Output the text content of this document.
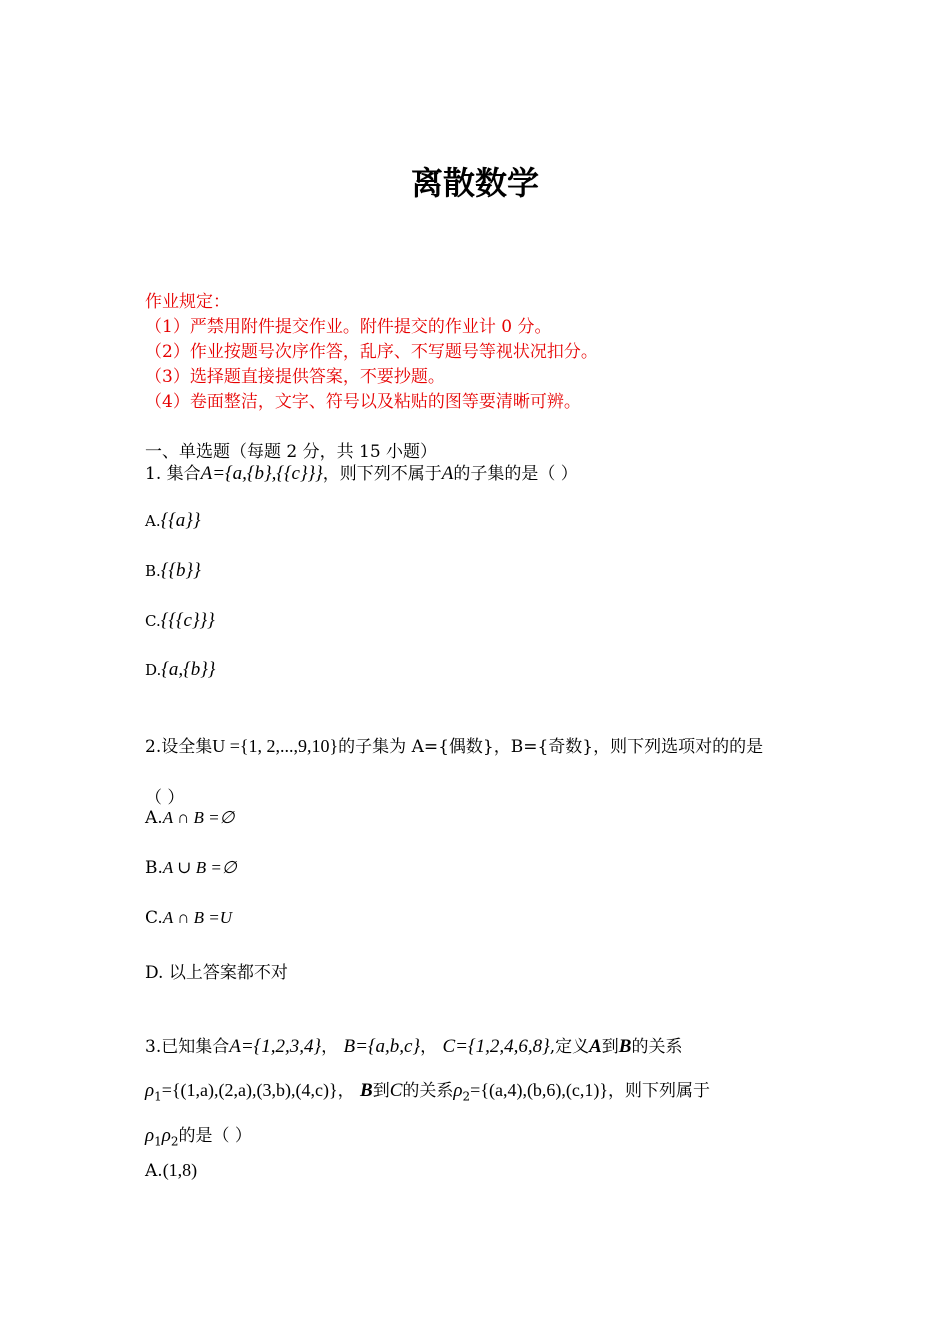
离散数学
作业规定：
（1）严禁用附件提交作业。附件提交的作业计 0 分。
（2）作业按题号次序作答，乱序、不写题号等视状况扣分。
（3）选择题直接提供答案，不要抄题。
（4）卷面整洁，文字、符号以及粘贴的图等要清晰可辨。
一、单选题（每题 2 分，共 15 小题）
1. 集合A={a,{b},{{c}}}，则下列不属于A的子集的是（ ）
A.{{a}}
B.{{b}}
C.{{{c}}}
D.{a,{b}}
2.设全集U ={1, 2,...,9,10}的子集为 A={偶数}，B={奇数}，则下列选项对的的是
（ ）
A.A ∩ B =∅
B.A ∪ B =∅
C.A ∩ B =U
D. 以上答案都不对
3.已知集合A={1,2,3,4}， B={a,b,c}， C={1,2,4,6,8},定义A到B的关系
$\rho_1=\{(1,a),(2,a),(3,b),(4,c)\}$， B到C的关系$\rho_2=\{(a,4),(b,6),(c,1)\}$，则下列属于
$\rho_1\rho_2$的是（ ）
A.(1,8)
